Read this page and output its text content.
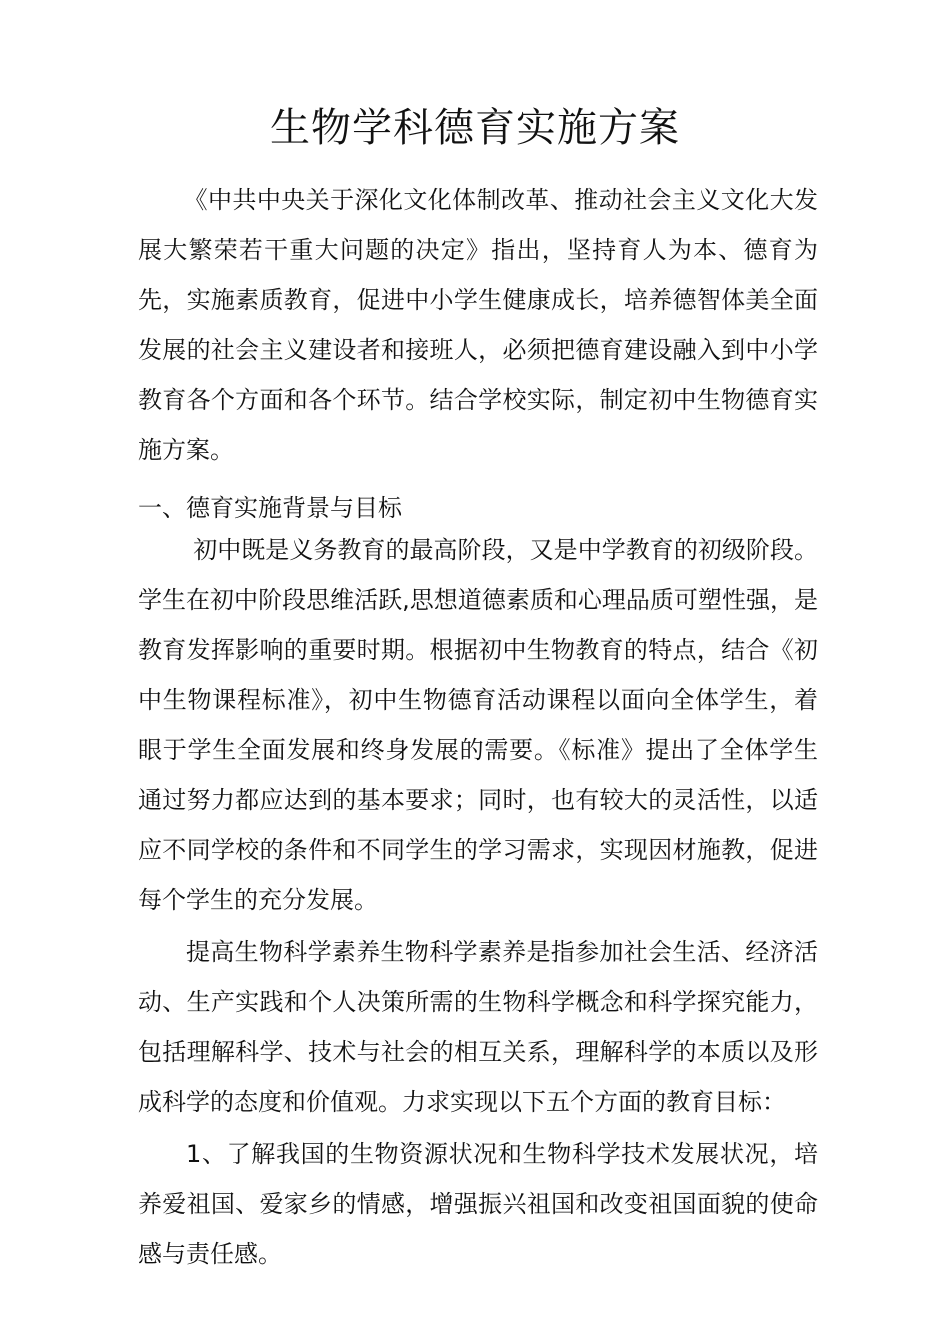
生物学科德育实施方案

《中共中央关于深化文化体制改革、推动社会主义文化大发展大繁荣若干重大问题的决定》指出，坚持育人为本、德育为先，实施素质教育，促进中小学生健康成长，培养德智体美全面发展的社会主义建设者和接班人，必须把德育建设融入到中小学教育各个方面和各个环节。结合学校实际，制定初中生物德育实施方案。

一、德育实施背景与目标

初中既是义务教育的最高阶段，又是中学教育的初级阶段。学生在初中阶段思维活跃,思想道德素质和心理品质可塑性强，是教育发挥影响的重要时期。根据初中生物教育的特点，结合《初中生物课程标准》，初中生物德育活动课程以面向全体学生，着眼于学生全面发展和终身发展的需要。《标准》提出了全体学生通过努力都应达到的基本要求；同时，也有较大的灵活性，以适应不同学校的条件和不同学生的学习需求，实现因材施教，促进每个学生的充分发展。

提高生物科学素养生物科学素养是指参加社会生活、经济活动、生产实践和个人决策所需的生物科学概念和科学探究能力，包括理解科学、技术与社会的相互关系，理解科学的本质以及形成科学的态度和价值观。力求实现以下五个方面的教育目标：

1、了解我国的生物资源状况和生物科学技术发展状况，培养爱祖国、爱家乡的情感，增强振兴祖国和改变祖国面貌的使命感与责任感。
